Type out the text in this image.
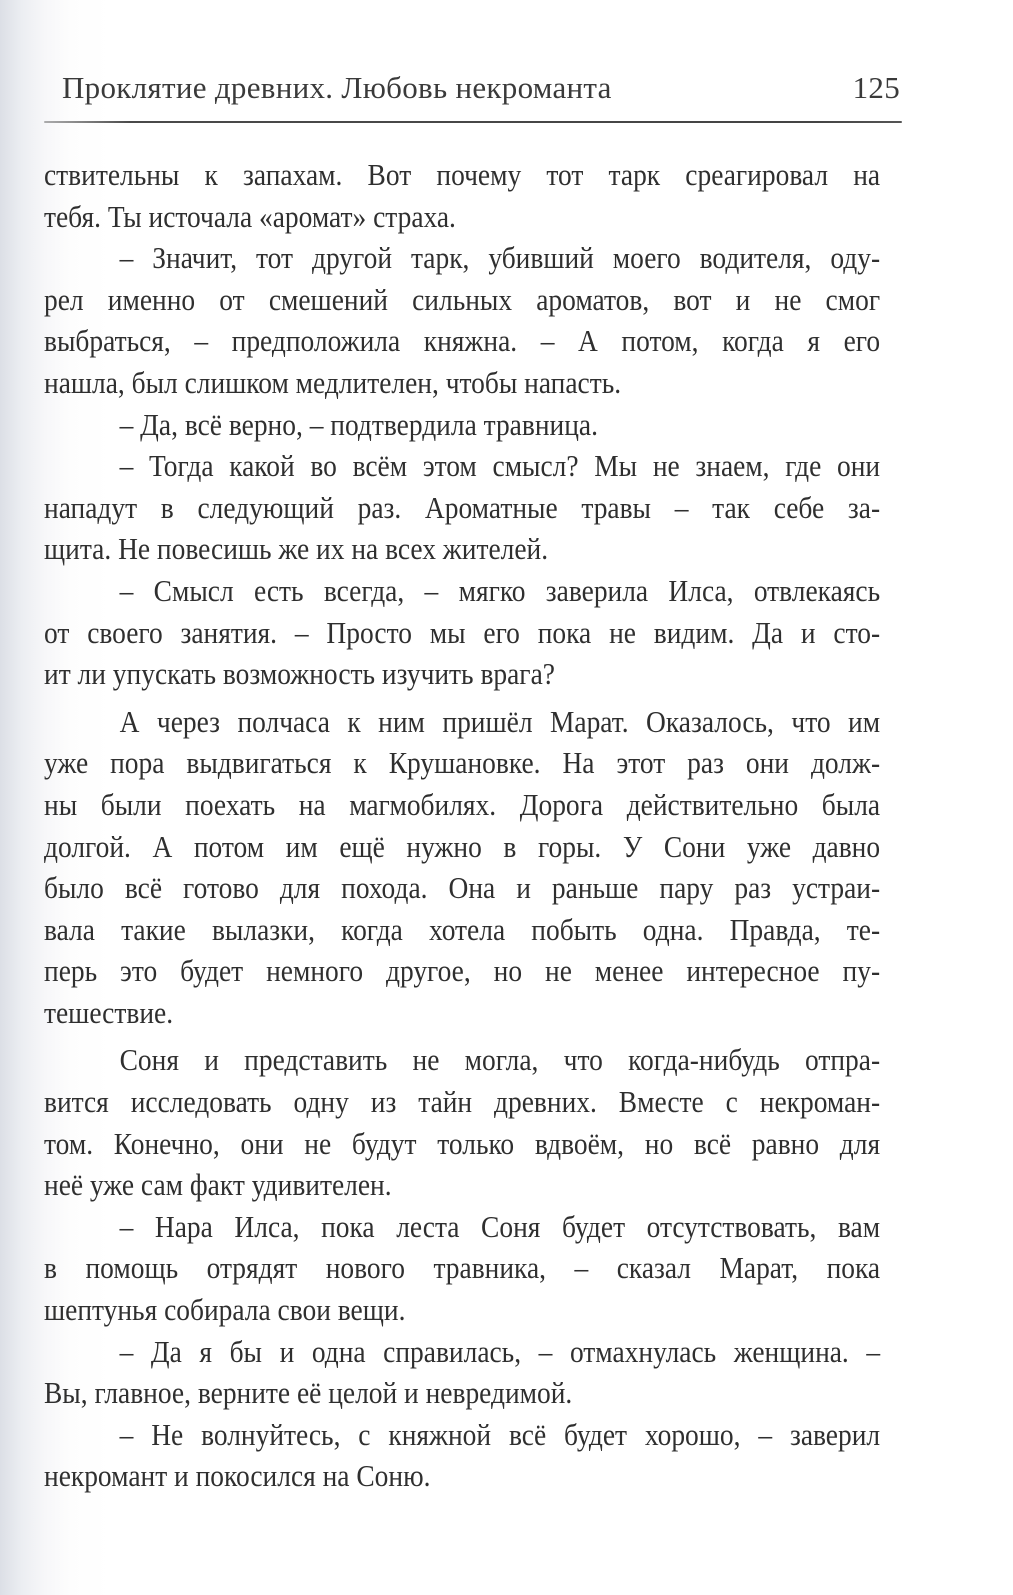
Проклятие древних. Любовь некроманта	125
ствительны к запахам. Вот почему тот тарк среагировал на
тебя. Ты источала «аромат» страха.
– Значит, тот другой тарк, убивший моего водителя, оду-
рел именно от смешений сильных ароматов, вот и не смог
выбраться, – предположила княжна. – А потом, когда я его
нашла, был слишком медлителен, чтобы напасть.
– Да, всё верно, – подтвердила травница.
– Тогда какой во всём этом смысл? Мы не знаем, где они
нападут в следующий раз. Ароматные травы – так себе за-
щита. Не повесишь же их на всех жителей.
– Смысл есть всегда, – мягко заверила Илса, отвлекаясь
от своего занятия. – Просто мы его пока не видим. Да и сто-
ит ли упускать возможность изучить врага?
А через полчаса к ним пришёл Марат. Оказалось, что им
уже пора выдвигаться к Крушановке. На этот раз они долж-
ны были поехать на магмобилях. Дорога действительно была
долгой. А потом им ещё нужно в горы. У Сони уже давно
было всё готово для похода. Она и раньше пару раз устраи-
вала такие вылазки, когда хотела побыть одна. Правда, те-
перь это будет немного другое, но не менее интересное пу-
тешествие.
Соня и представить не могла, что когда-нибудь отпра-
вится исследовать одну из тайн древних. Вместе с некроман-
том. Конечно, они не будут только вдвоём, но всё равно для
неё уже сам факт удивителен.
– Нара Илса, пока леста Соня будет отсутствовать, вам
в помощь отрядят нового травника, – сказал Марат, пока
шептунья собирала свои вещи.
– Да я бы и одна справилась, – отмахнулась женщина. –
Вы, главное, верните её целой и невредимой.
– Не волнуйтесь, с княжной всё будет хорошо, – заверил
некромант и покосился на Соню.
